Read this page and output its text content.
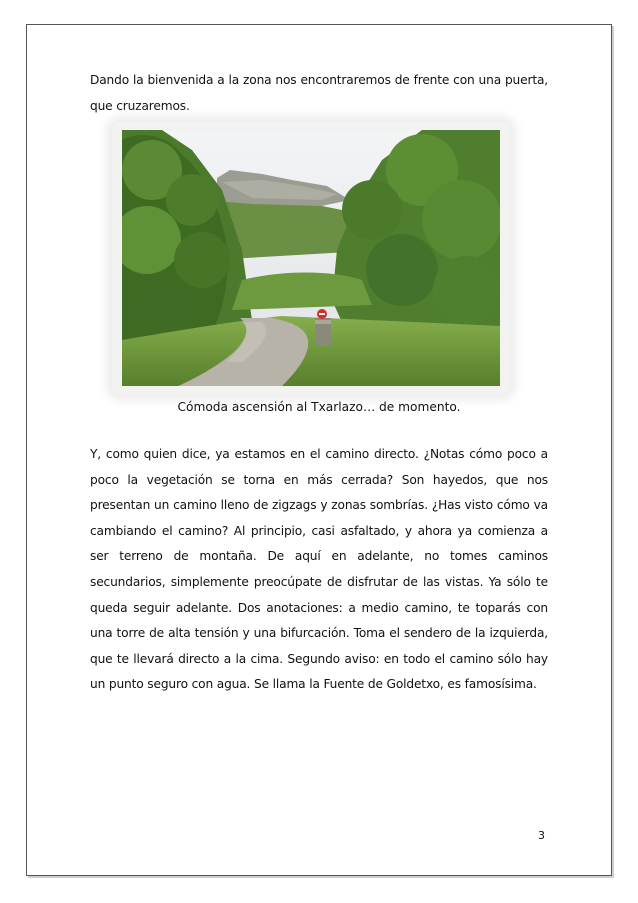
Dando la bienvenida a la zona nos encontraremos de frente con una puerta, que cruzaremos.

Cómoda ascensión al Txarlazo… de momento.

Y, como quien dice, ya estamos en el camino directo. ¿Notas cómo poco a poco la vegetación se torna en más cerrada? Son hayedos, que nos presentan un camino lleno de zigzags y zonas sombrías. ¿Has visto cómo va cambiando el camino? Al principio, casi asfaltado, y ahora ya comienza a ser terreno de montaña. De aquí en adelante, no tomes caminos secundarios, simplemente preocúpate de disfrutar de las vistas. Ya sólo te queda seguir adelante. Dos anotaciones: a medio camino, te toparás con una torre de alta tensión y una bifurcación. Toma el sendero de la izquierda, que te llevará directo a la cima. Segundo aviso: en todo el camino sólo hay un punto seguro con agua. Se llama la Fuente de Goldetxo, es famosísima.

3
